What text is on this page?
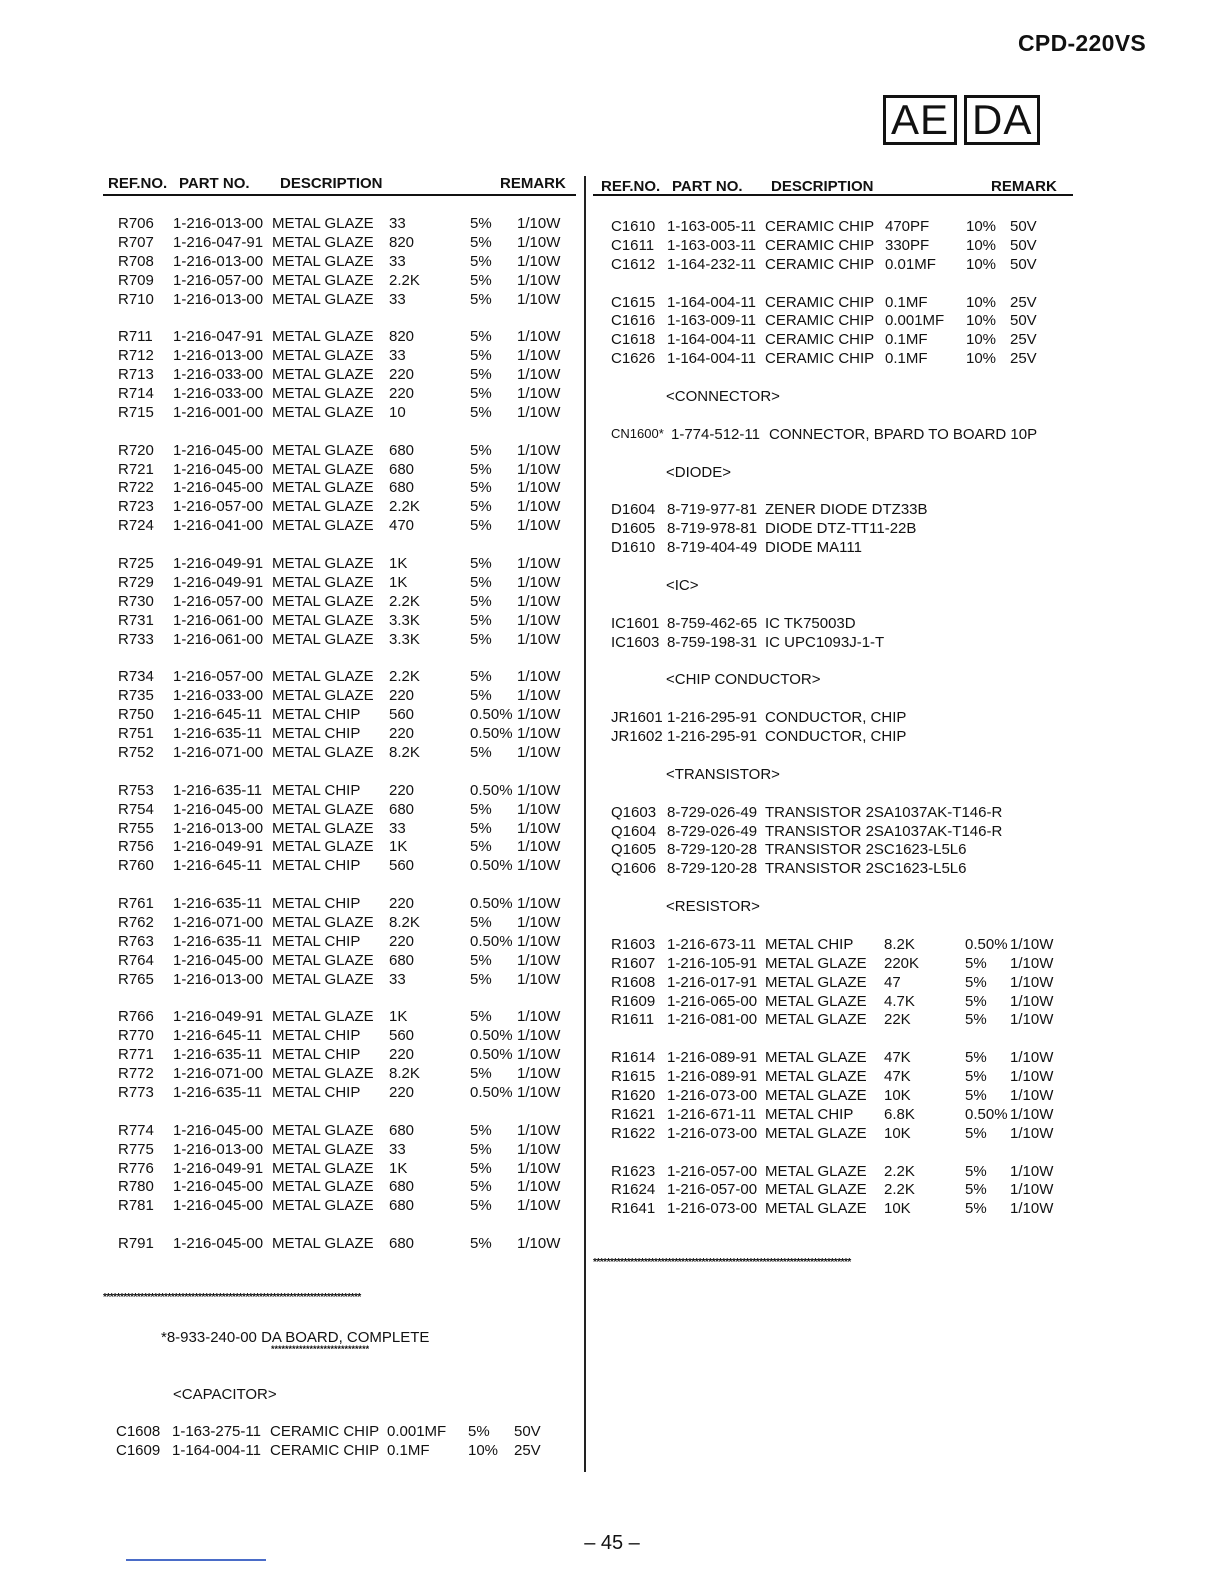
CPD-220VS
AE DA
REF.NO. PART NO. DESCRIPTION	REMARK
R706 1-216-013-00 METAL GLAZE 33	5% 1/10W
R707 1-216-047-91 METAL GLAZE 820	5% 1/10W
R708 1-216-013-00 METAL GLAZE 33	5% 1/10W
R709 1-216-057-00 METAL GLAZE 2.2K	5% 1/10W
R710 1-216-013-00 METAL GLAZE 33	5% 1/10W
R711 1-216-047-91 METAL GLAZE 820	5% 1/10W
R712 1-216-013-00 METAL GLAZE 33	5% 1/10W
R713 1-216-033-00 METAL GLAZE 220	5% 1/10W
R714 1-216-033-00 METAL GLAZE 220	5% 1/10W
R715 1-216-001-00 METAL GLAZE 10	5% 1/10W
R720 1-216-045-00 METAL GLAZE 680	5% 1/10W
R721 1-216-045-00 METAL GLAZE 680	5% 1/10W
R722 1-216-045-00 METAL GLAZE 680	5% 1/10W
R723 1-216-057-00 METAL GLAZE 2.2K	5% 1/10W
R724 1-216-041-00 METAL GLAZE 470	5% 1/10W
R725 1-216-049-91 METAL GLAZE 1K	5% 1/10W
R729 1-216-049-91 METAL GLAZE 1K	5% 1/10W
R730 1-216-057-00 METAL GLAZE 2.2K	5% 1/10W
R731 1-216-061-00 METAL GLAZE 3.3K	5% 1/10W
R733 1-216-061-00 METAL GLAZE 3.3K	5% 1/10W
R734 1-216-057-00 METAL GLAZE 2.2K	5% 1/10W
R735 1-216-033-00 METAL GLAZE 220	5% 1/10W
R750 1-216-645-11 METAL CHIP 560	0.50% 1/10W
R751 1-216-635-11 METAL CHIP 220	0.50% 1/10W
R752 1-216-071-00 METAL GLAZE 8.2K	5% 1/10W
R753 1-216-635-11 METAL CHIP 220	0.50% 1/10W
R754 1-216-045-00 METAL GLAZE 680	5% 1/10W
R755 1-216-013-00 METAL GLAZE 33	5% 1/10W
R756 1-216-049-91 METAL GLAZE 1K	5% 1/10W
R760 1-216-645-11 METAL CHIP 560	0.50% 1/10W
R761 1-216-635-11 METAL CHIP 220	0.50% 1/10W
R762 1-216-071-00 METAL GLAZE 8.2K	5% 1/10W
R763 1-216-635-11 METAL CHIP 220	0.50% 1/10W
R764 1-216-045-00 METAL GLAZE 680	5% 1/10W
R765 1-216-013-00 METAL GLAZE 33	5% 1/10W
R766 1-216-049-91 METAL GLAZE 1K	5% 1/10W
R770 1-216-645-11 METAL CHIP 560	0.50% 1/10W
R771 1-216-635-11 METAL CHIP 220	0.50% 1/10W
R772 1-216-071-00 METAL GLAZE 8.2K	5% 1/10W
R773 1-216-635-11 METAL CHIP 220	0.50% 1/10W
R774 1-216-045-00 METAL GLAZE 680	5% 1/10W
R775 1-216-013-00 METAL GLAZE 33	5% 1/10W
R776 1-216-049-91 METAL GLAZE 1K	5% 1/10W
R780 1-216-045-00 METAL GLAZE 680	5% 1/10W
R781 1-216-045-00 METAL GLAZE 680	5% 1/10W
R791 1-216-045-00 METAL GLAZE 680	5% 1/10W
****************************************************************************
*8-933-240-00 DA BOARD, COMPLETE
****************************
<CAPACITOR>
C1608 1-163-275-11 CERAMIC CHIP 0.001MF 5% 50V
C1609 1-164-004-11 CERAMIC CHIP 0.1MF	10% 25V
REF.NO. PART NO. DESCRIPTION	REMARK
C1610 1-163-005-11 CERAMIC CHIP 470PF 10% 50V
C1611 1-163-003-11 CERAMIC CHIP 330PF 10% 50V
C1612 1-164-232-11 CERAMIC CHIP 0.01MF 10% 50V
C1615 1-164-004-11 CERAMIC CHIP 0.1MF	10% 25V
C1616 1-163-009-11 CERAMIC CHIP 0.001MF 10% 50V
C1618 1-164-004-11 CERAMIC CHIP 0.1MF	10% 25V
C1626 1-164-004-11 CERAMIC CHIP 0.1MF	10% 25V
<CONNECTOR>
CN1600* 1-774-512-11 CONNECTOR, BPARD TO BOARD 10P
<DIODE>
D1604 8-719-977-81 ZENER DIODE DTZ33B
D1605 8-719-978-81 DIODE DTZ-TT11-22B
D1610 8-719-404-49 DIODE MA111
<IC>
IC1601 8-759-462-65 IC TK75003D
IC1603 8-759-198-31 IC UPC1093J-1-T
<CHIP CONDUCTOR>
JR1601 1-216-295-91 CONDUCTOR, CHIP
JR1602 1-216-295-91 CONDUCTOR, CHIP
<TRANSISTOR>
Q1603 8-729-026-49 TRANSISTOR 2SA1037AK-T146-R
Q1604 8-729-026-49 TRANSISTOR 2SA1037AK-T146-R
Q1605 8-729-120-28 TRANSISTOR 2SC1623-L5L6
Q1606 8-729-120-28 TRANSISTOR 2SC1623-L5L6
<RESISTOR>
R1603 1-216-673-11 METAL CHIP 8.2K	0.50% 1/10W
R1607 1-216-105-91 METAL GLAZE 220K	5% 1/10W
R1608 1-216-017-91 METAL GLAZE 47	5% 1/10W
R1609 1-216-065-00 METAL GLAZE 4.7K	5% 1/10W
R1611 1-216-081-00 METAL GLAZE 22K	5% 1/10W
R1614 1-216-089-91 METAL GLAZE 47K	5% 1/10W
R1615 1-216-089-91 METAL GLAZE 47K	5% 1/10W
R1620 1-216-073-00 METAL GLAZE 10K	5% 1/10W
R1621 1-216-671-11 METAL CHIP 6.8K	0.50% 1/10W
R1622 1-216-073-00 METAL GLAZE 10K	5% 1/10W
R1623 1-216-057-00 METAL GLAZE 2.2K	5% 1/10W
R1624 1-216-057-00 METAL GLAZE 2.2K	5% 1/10W
R1641 1-216-073-00 METAL GLAZE 10K	5% 1/10W
****************************************************************************
– 45 –
